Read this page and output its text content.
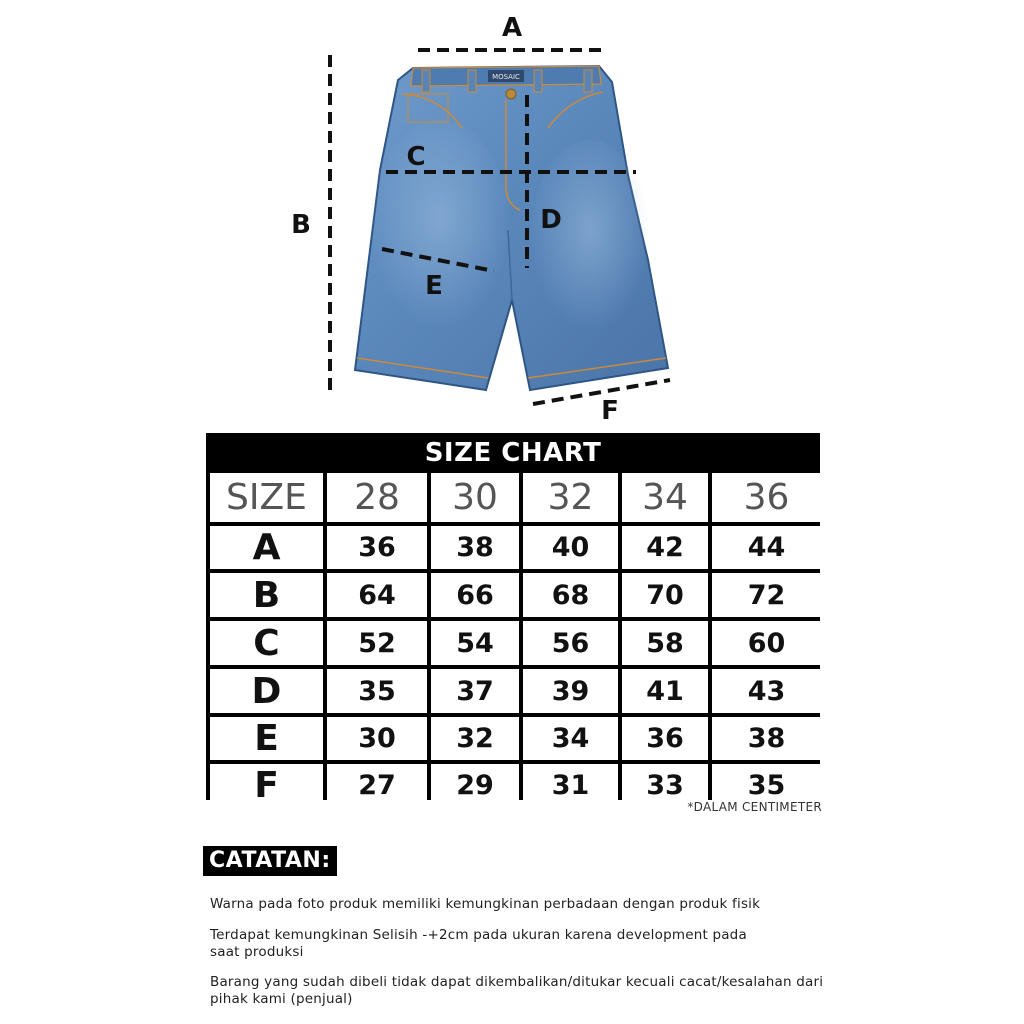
MOSAIC
A
B
C
D
E
F
SIZE CHART
SIZE	28	30	32	34	36
A	36	38	40	42	44
B	64	66	68	70	72
C	52	54	56	58	60
D	35	37	39	41	43
E	30	32	34	36	38
F	27	29	31	33	35
*DALAM CENTIMETER
CATATAN:
Warna pada foto produk memiliki kemungkinan perbadaan dengan produk fisik
Terdapat kemungkinan Selisih -+2cm pada ukuran karena development pada saat produksi
Barang yang sudah dibeli tidak dapat dikembalikan/ditukar kecuali cacat/kesalahan dari pihak kami (penjual)
